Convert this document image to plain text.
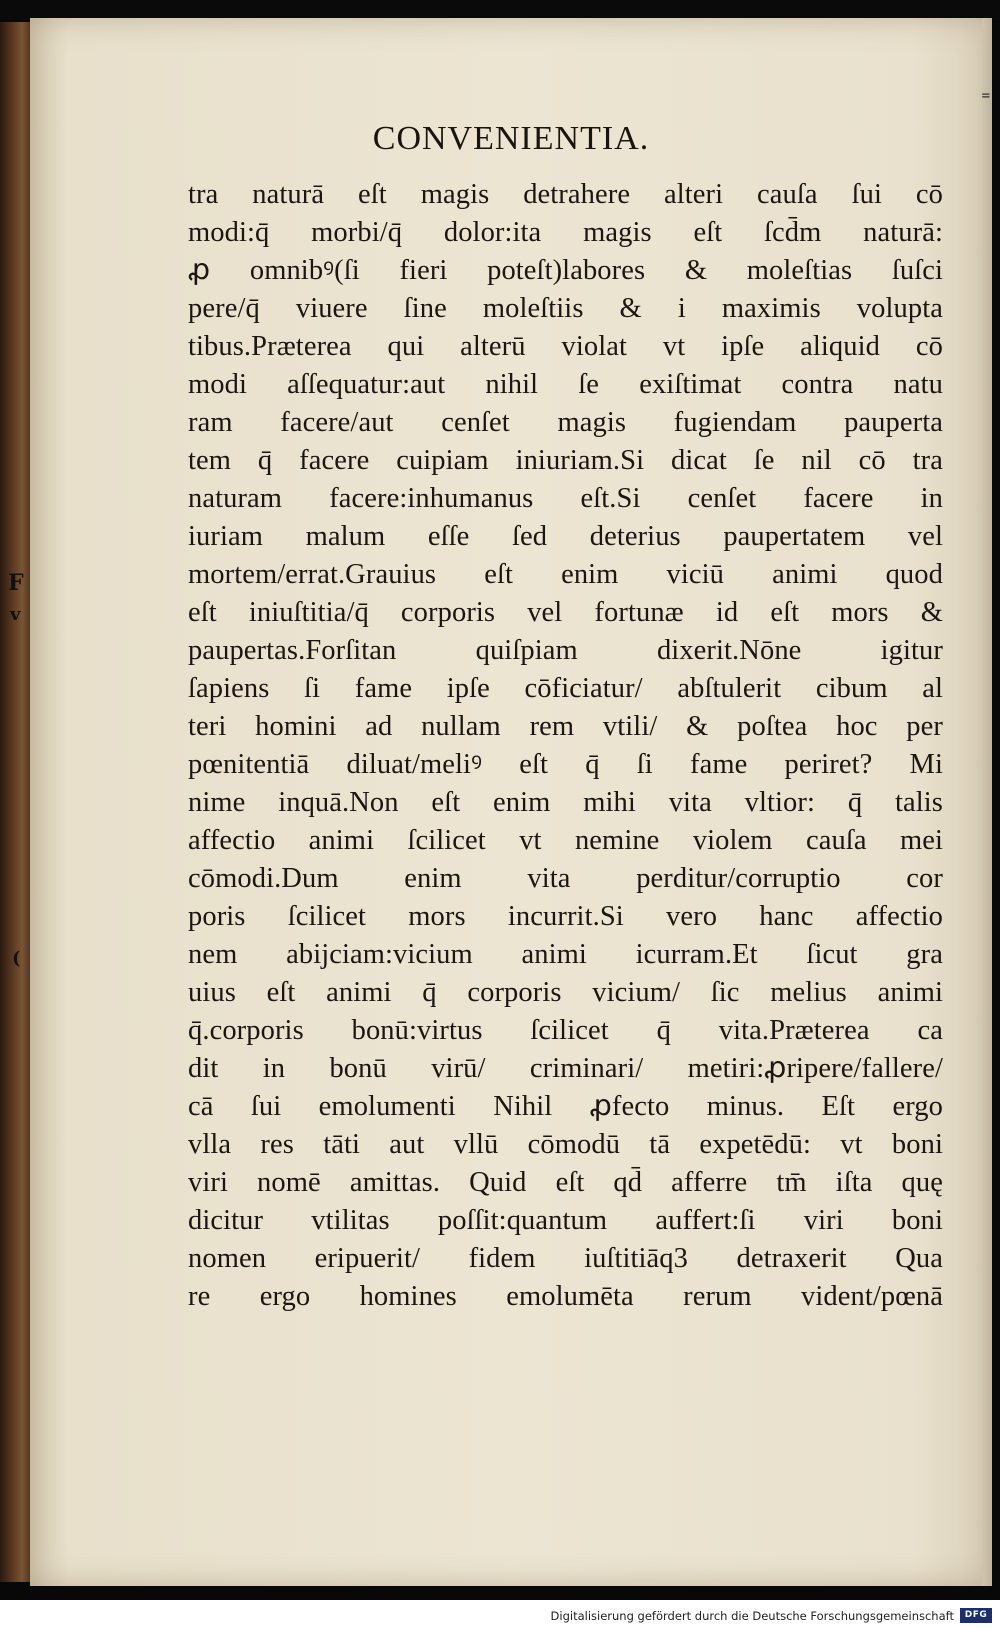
F
v
(
=
CONVENIENTIA.
tra naturā eſt magis detrahere alteri cauſa ſui cō
modi:q̄ morbi/q̄ dolor:ita magis eſt ſcd̄m naturā:
ꝓ omnibꝰ(ſi fieri poteſt)labores & moleſtias ſuſci
pere/q̄ viuere ſine moleſtiis & i maximis volupta
tibus.Præterea qui alterū violat vt ipſe aliquid cō
modi aſſequatur:aut nihil ſe exiſtimat contra natu
ram facere/aut cenſet magis fugiendam pauperta
tem q̄ facere cuipiam iniuriam.Si dicat ſe nil cō tra
naturam facere:inhumanus eſt.Si cenſet facere in
iuriam malum eſſe ſed deterius paupertatem vel
mortem/errat.Grauius eſt enim viciū animi quod
eſt iniuſtitia/q̄ corporis vel fortunæ id eſt mors &
paupertas.Forſitan quiſpiam dixerit.Nōne igitur
ſapiens ſi fame ipſe cōficiatur/ abſtulerit cibum al
teri homini ad nullam rem vtili/ & poſtea hoc per
pœnitentiā diluat/meliꝰ eſt q̄ ſi fame periret? Mi
nime inquā.Non eſt enim mihi vita vltior: q̄ talis
affectio animi ſcilicet vt nemine violem cauſa mei
cōmodi.Dum enim vita perditur/corruptio cor
poris ſcilicet mors incurrit.Si vero hanc affectio
nem abijciam:vicium animi icurram.Et ſicut gra
uius eſt animi q̄ corporis vicium/ ſic melius animi
q̄.corporis bonū:virtus ſcilicet q̄ vita.Præterea ca
dit in bonū virū/ criminari/ metiri:ꝓripere/fallere/
cā ſui emolumenti Nihil ꝓfecto minus. Eſt ergo
vlla res tāti aut vllū cōmodū tā expetēdū: vt boni
viri nomē amittas. Quid eſt qd̄ afferre tm̄ iſta quę
dicitur vtilitas poſſit:quantum auffert:ſi viri boni
nomen eripuerit/ fidem iuſtitiāq3 detraxerit Qua
re ergo homines emolumēta rerum vident/pœnā
Digitalisierung gefördert durch die Deutsche Forschungsgemeinschaft	DFG
